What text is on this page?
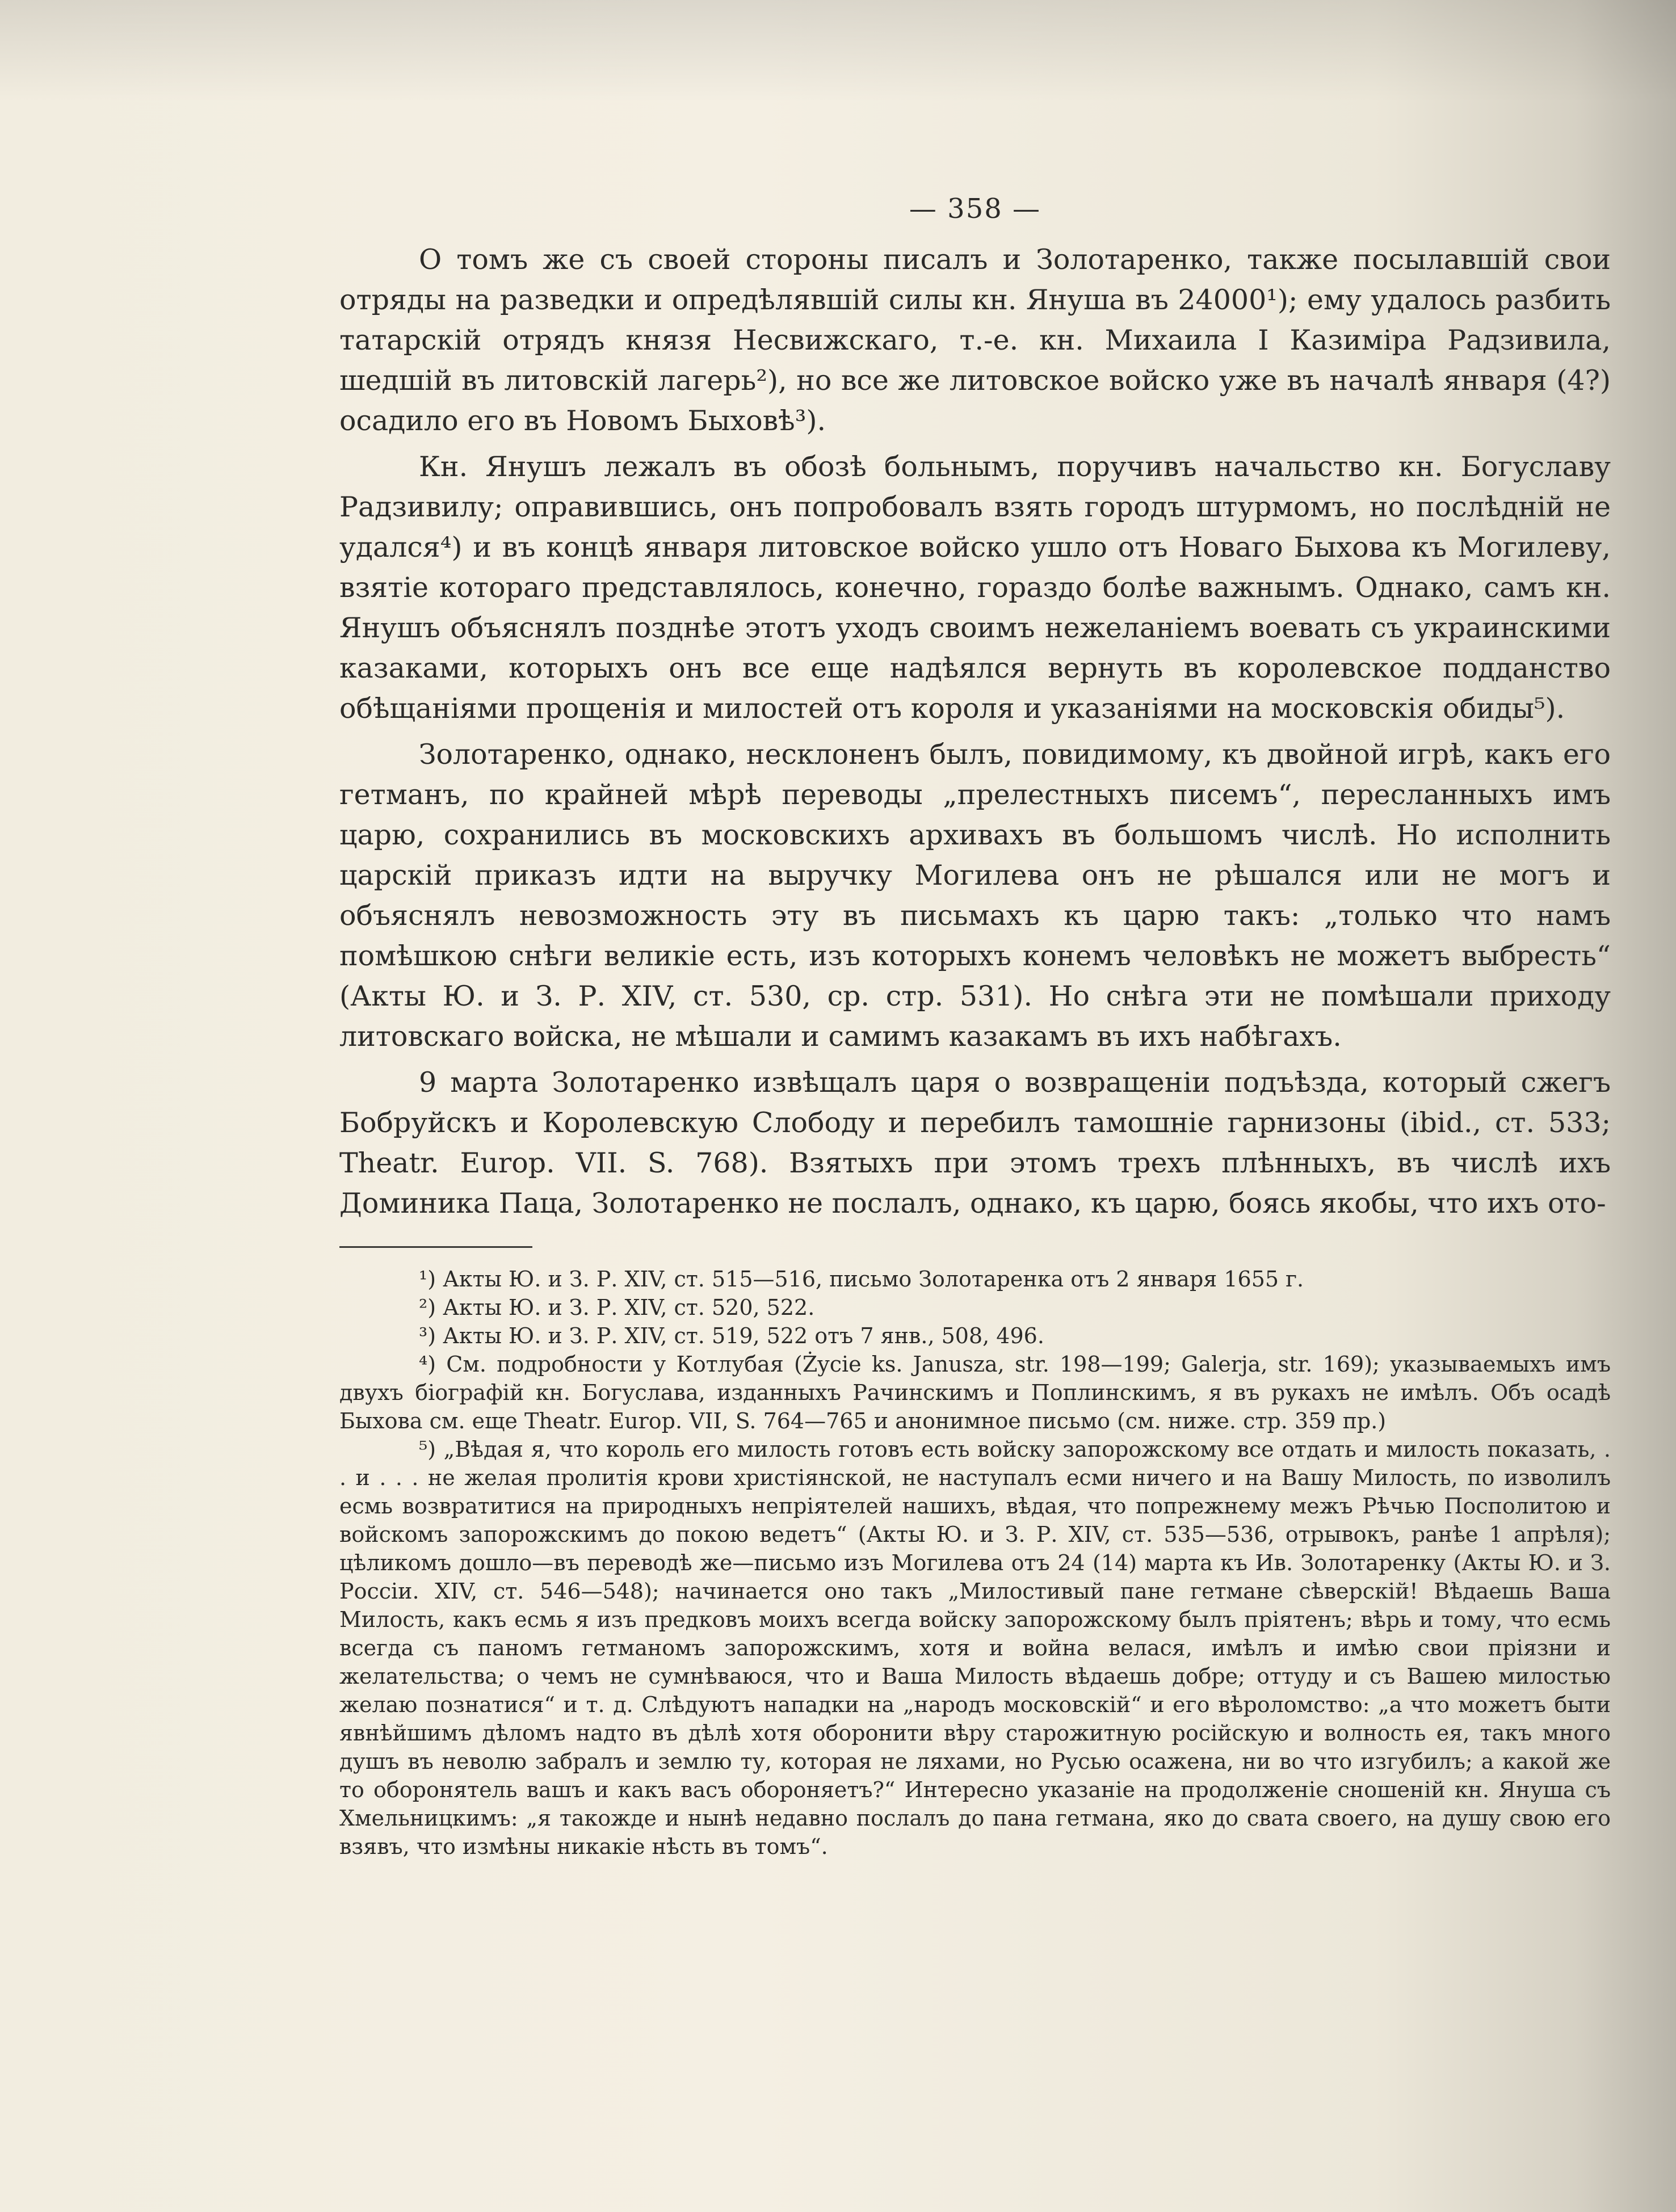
— 358 —

О томъ же съ своей стороны писалъ и Золотаренко, также посылавшій свои отряды на разведки и опредѣлявшій силы кн. Януша въ 24000¹); ему удалось разбить татарскій отрядъ князя Несвижскаго, т.-е. кн. Михаила I Казиміра Радзивила, шедшій въ литовскій лагерь²), но все же литовское войско уже въ началѣ января (4?) осадило его въ Новомъ Быховѣ³).

Кн. Янушъ лежалъ въ обозѣ больнымъ, поручивъ начальство кн. Богуславу Радзивилу; оправившись, онъ попробовалъ взять городъ штурмомъ, но послѣдній не удался⁴) и въ концѣ января литовское войско ушло отъ Новаго Быхова къ Могилеву, взятіе котораго представлялось, конечно, гораздо болѣе важнымъ. Однако, самъ кн. Янушъ объяснялъ позднѣе этотъ уходъ своимъ нежеланіемъ воевать съ украинскими казаками, которыхъ онъ все еще надѣялся вернуть въ королевское подданство обѣщаніями прощенія и милостей отъ короля и указаніями на московскія обиды⁵).

Золотаренко, однако, несклоненъ былъ, повидимому, къ двойной игрѣ, какъ его гетманъ, по крайней мѣрѣ переводы „прелестныхъ писемъ“, пересланныхъ имъ царю, сохранились въ московскихъ архивахъ въ большомъ числѣ. Но исполнить царскій приказъ идти на выручку Могилева онъ не рѣшался или не могъ и объяснялъ невозможность эту въ письмахъ къ царю такъ: „только что намъ помѣшкою снѣги великіе есть, изъ которыхъ конемъ человѣкъ не можетъ выбресть“ (Акты Ю. и З. Р. XIV, ст. 530, ср. стр. 531). Но снѣга эти не помѣшали приходу литовскаго войска, не мѣшали и самимъ казакамъ въ ихъ набѣгахъ.

9 марта Золотаренко извѣщалъ царя о возвращеніи подъѣзда, который сжегъ Бобруйскъ и Королевскую Слободу и перебилъ тамошніе гарнизоны (ibid., ст. 533; Theatr. Europ. VII. S. 768). Взятыхъ при этомъ трехъ плѣнныхъ, въ числѣ ихъ Доминика Паца, Золотаренко не послалъ, однако, къ царю, боясь якобы, что ихъ ото-

¹) Акты Ю. и З. Р. XIV, ст. 515—516, письмо Золотаренка отъ 2 января 1655 г.

²) Акты Ю. и З. Р. XIV, ст. 520, 522.

³) Акты Ю. и З. Р. XIV, ст. 519, 522 отъ 7 янв., 508, 496.

⁴) См. подробности у Котлубая (Życie ks. Janusza, str. 198—199; Galerja, str. 169); указываемыхъ имъ двухъ біографій кн. Богуслава, изданныхъ Рачинскимъ и Поплинскимъ, я въ рукахъ не имѣлъ. Объ осадѣ Быхова см. еще Theatr. Europ. VII, S. 764—765 и анонимное письмо (см. ниже. стр. 359 пр.)

⁵) „Вѣдая я, что король его милость готовъ есть войску запорожскому все отдать и милость показать, . . и . . . не желая пролитія крови христіянской, не наступалъ есми ничего и на Вашу Милость, по изволилъ есмь возвратитися на природныхъ непріятелей нашихъ, вѣдая, что попрежнему межъ Рѣчью Посполитою и войскомъ запорожскимъ до покою ведетъ“ (Акты Ю. и З. Р. XIV, ст. 535—536, отрывокъ, ранѣе 1 апрѣля); цѣликомъ дошло—въ переводѣ же—письмо изъ Могилева отъ 24 (14) марта къ Ив. Золотаренку (Акты Ю. и З. Россіи. XIV, ст. 546—548); начинается оно такъ „Милостивый пане гетмане сѣверскій! Вѣдаешь Ваша Милость, какъ есмь я изъ предковъ моихъ всегда войску запорожскому былъ пріятенъ; вѣрь и тому, что есмь всегда съ паномъ гетманомъ запорожскимъ, хотя и война велася, имѣлъ и имѣю свои пріязни и желательства; о чемъ не сумнѣваюся, что и Ваша Милость вѣдаешь добре; оттуду и съ Вашею милостью желаю познатися“ и т. д. Слѣдуютъ нападки на „народъ московскій“ и его вѣроломство: „а что можетъ быти явнѣйшимъ дѣломъ надто въ дѣлѣ хотя оборонити вѣру старожитную російскую и волность ея, такъ много душъ въ неволю забралъ и землю ту, которая не ляхами, но Русью осажена, ни во что изгубилъ; а какой же то оборонятель вашъ и какъ васъ обороняетъ?“ Интересно указаніе на продолженіе сношеній кн. Януша съ Хмельницкимъ: „я такожде и нынѣ недавно послалъ до пана гетмана, яко до свата своего, на душу свою его взявъ, что измѣны никакіе нѣсть въ томъ“.
